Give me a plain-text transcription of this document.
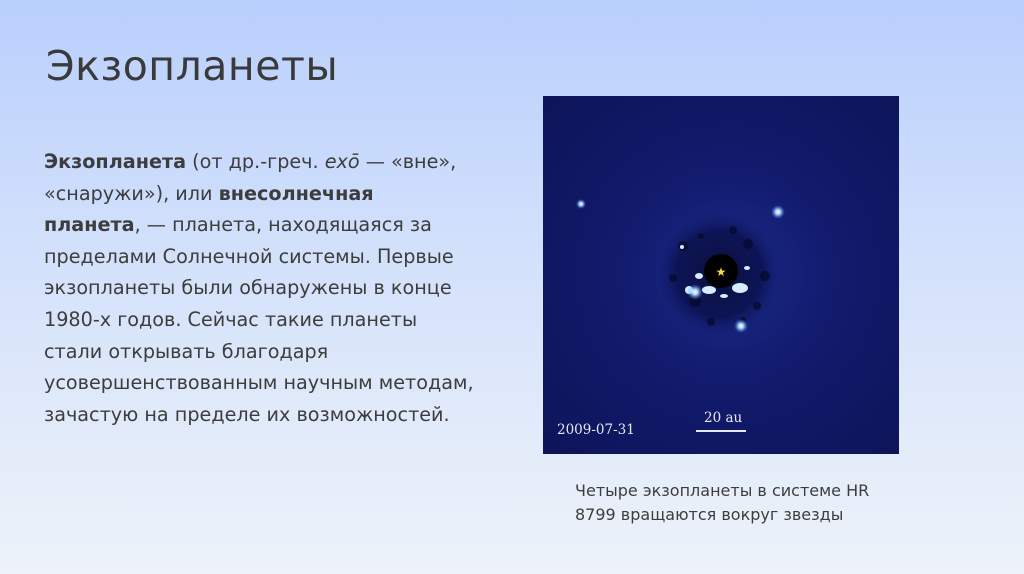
Экзопланеты
Экзопланета (от др.-греч. exō — «вне», «снаружи»), или внесолнечная планета, — планета, находящаяся за пределами Солнечной системы. Первые экзопланеты были обнаружены в конце 1980-х годов. Сейчас такие планеты стали открывать благодаря усовершенствованным научным методам, зачастую на пределе их возможностей.
★
2009-07-31
20 au
Четыре экзопланеты в системе HR 8799 вращаются вокруг звезды
